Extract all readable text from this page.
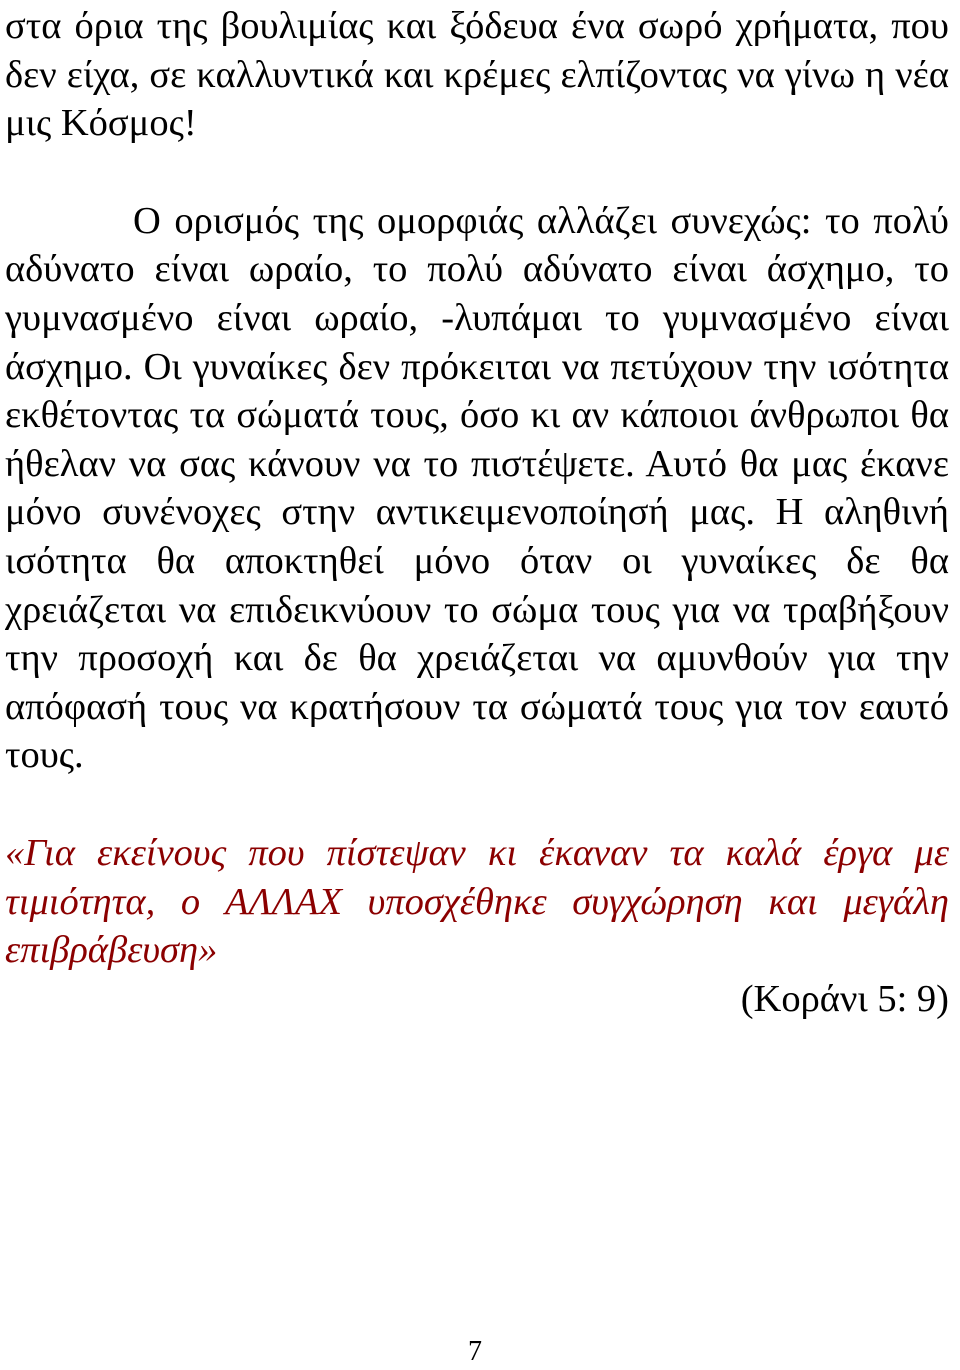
στα όρια της βουλιμίας και ξόδευα ένα σωρό χρήματα, που δεν είχα, σε καλλυντικά και κρέμες ελπίζοντας να γίνω η νέα μις Κόσμος!

Ο ορισμός της ομορφιάς αλλάζει συνεχώς: το πολύ αδύνατο είναι ωραίο, το πολύ αδύνατο είναι άσχημο, το γυμνασμένο είναι ωραίο, -λυπάμαι το γυμνασμένο είναι άσχημο. Οι γυναίκες δεν πρόκειται να πετύχουν την ισότητα εκθέτοντας τα σώματά τους, όσο κι αν κάποιοι άνθρωποι θα ήθελαν να σας κάνουν να το πιστέψετε. Αυτό θα μας έκανε μόνο συνένοχες στην αντικειμενοποίησή μας. Η αληθινή ισότητα θα αποκτηθεί μόνο όταν οι γυναίκες δε θα χρειάζεται να επιδεικνύουν το σώμα τους για να τραβήξουν την προσοχή και δε θα χρειάζεται να αμυνθούν για την απόφασή τους να κρατήσουν τα σώματά τους για τον εαυτό τους.

«Για εκείνους που πίστεψαν κι έκαναν τα καλά έργα με τιμιότητα, ο ΑΛΛΑΧ υποσχέθηκε συγχώρηση και μεγάλη επιβράβευση»

(Κοράνι 5: 9)

7
